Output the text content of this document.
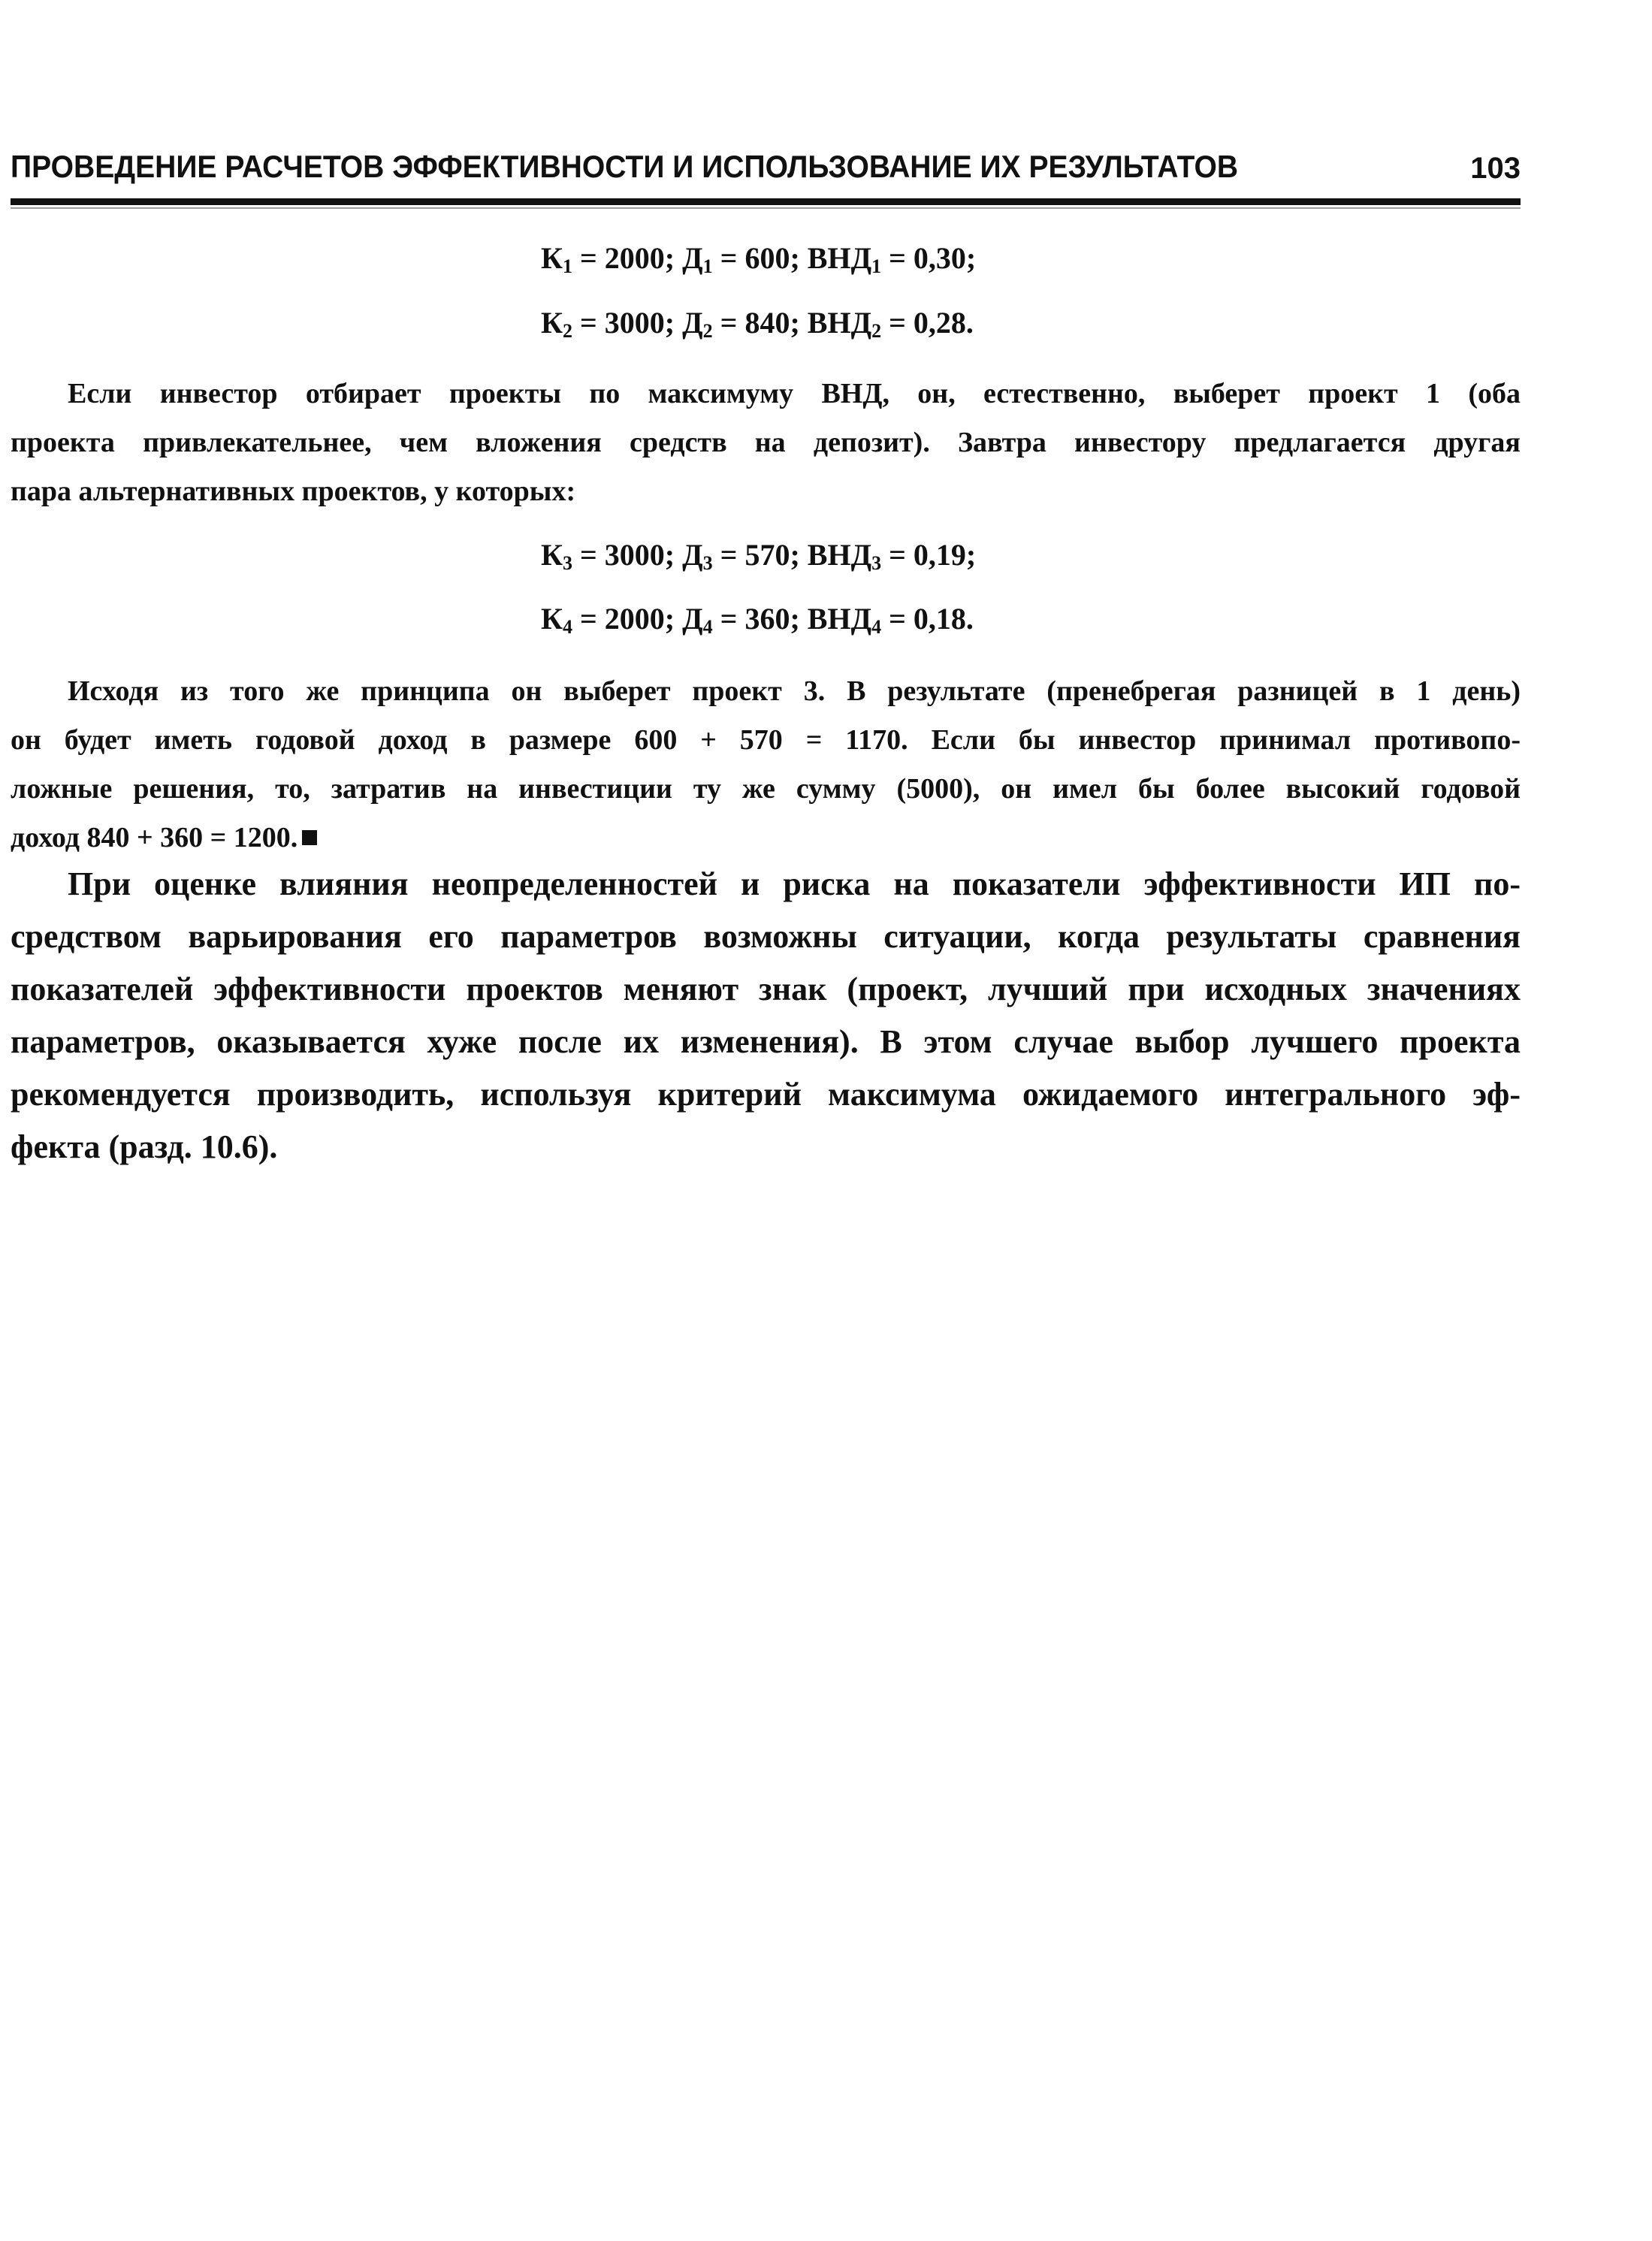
ПРОВЕДЕНИЕ РАСЧЕТОВ ЭФФЕКТИВНОСТИ И ИСПОЛЬЗОВАНИЕ ИХ РЕЗУЛЬТАТОВ	103
$К_1 = 2000$; $Д_1 = 600$; $ВНД_1 = 0,30$;
$К_2 = 3000$; $Д_2 = 840$; $ВНД_2 = 0,28$.
Если инвестор отбирает проекты по максимуму ВНД, он, естественно, выберет проект 1 (оба
проекта привлекательнее, чем вложения средств на депозит). Завтра инвестору предлагается другая
пара альтернативных проектов, у которых:
$К_3 = 3000$; $Д_3 = 570$; $ВНД_3 = 0,19$;
$К_4 = 2000$; $Д_4 = 360$; $ВНД_4 = 0,18$.
Исходя из того же принципа он выберет проект 3. В результате (пренебрегая разницей в 1 день)
он будет иметь годовой доход в размере 600 + 570 = 1170. Если бы инвестор принимал противопо-
ложные решения, то, затратив на инвестиции ту же сумму (5000), он имел бы более высокий годовой
доход 840 + 360 = 1200.
При оценке влияния неопределенностей и риска на показатели эффективности ИП по-
средством варьирования его параметров возможны ситуации, когда результаты сравнения
показателей эффективности проектов меняют знак (проект, лучший при исходных значениях
параметров, оказывается хуже после их изменения). В этом случае выбор лучшего проекта
рекомендуется производить, используя критерий максимума ожидаемого интегрального эф-
фекта (разд. 10.6).
